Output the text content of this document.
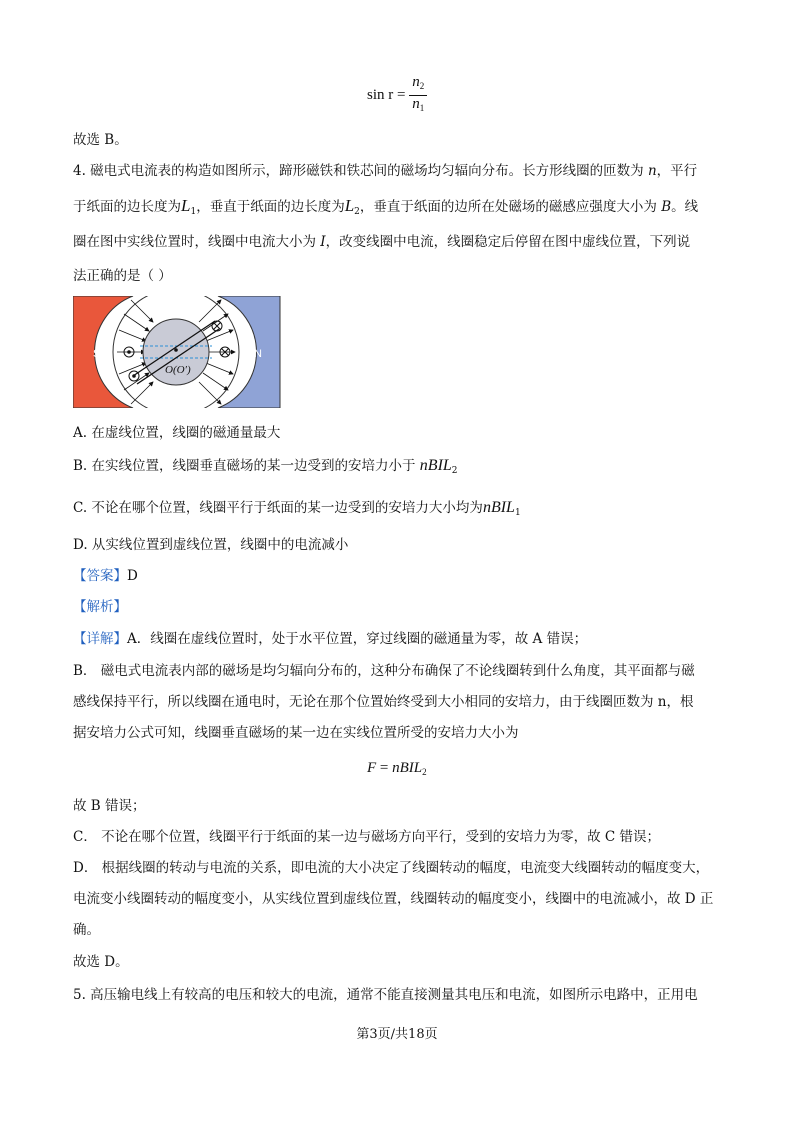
$\sin r = \frac{n_2}{n_1}$
故选 B。
4. 磁电式电流表的构造如图所示，蹄形磁铁和铁芯间的磁场均匀辐向分布。长方形线圈的匝数为 n，平行
于纸面的边长度为$L_1$，垂直于纸面的边长度为$L_2$，垂直于纸面的边所在处磁场的磁感应强度大小为 B。线
圈在图中实线位置时，线圈中电流大小为 I，改变线圈中电流，线圈稳定后停留在图中虚线位置，下列说
法正确的是（ ）
S	N
O(O′)
A. 在虚线位置，线圈的磁通量最大
B. 在实线位置，线圈垂直磁场的某一边受到的安培力小于 nBIL$_2$
C. 不论在哪个位置，线圈平行于纸面的某一边受到的安培力大小均为nBIL$_1$
D. 从实线位置到虚线位置，线圈中的电流减小
【答案】D
【解析】
【详解】A．线圈在虚线位置时，处于水平位置，穿过线圈的磁通量为零，故 A 错误；
B． 磁电式电流表内部的磁场是均匀辐向分布的，这种分布确保了不论线圈转到什么角度，其平面都与磁
感线保持平行，所以线圈在通电时，无论在那个位置始终受到大小相同的安培力，由于线圈匝数为 n，根
据安培力公式可知，线圈垂直磁场的某一边在实线位置所受的安培力大小为
F = nBIL$_2$
故 B 错误；
C． 不论在哪个位置，线圈平行于纸面的某一边与磁场方向平行，受到的安培力为零，故 C 错误；
D． 根据线圈的转动与电流的关系，即电流的大小决定了线圈转动的幅度，电流变大线圈转动的幅度变大，
电流变小线圈转动的幅度变小，从实线位置到虚线位置，线圈转动的幅度变小，线圈中的电流减小，故 D 正
确。
故选 D。
5. 高压输电线上有较高的电压和较大的电流，通常不能直接测量其电压和电流，如图所示电路中，正用电
第3页/共18页
